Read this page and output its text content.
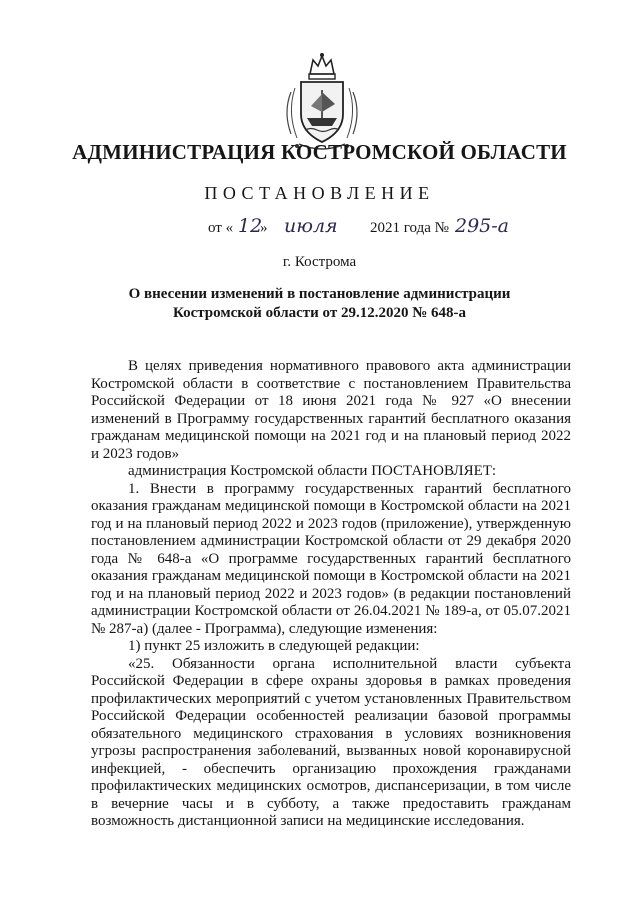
АДМИНИСТРАЦИЯ КОСТРОМСКОЙ ОБЛАСТИ
ПОСТАНОВЛЕНИЕ
от « 12
» июля 2021 года № 295-а
г. Кострома
О внесении изменений в постановление администрации
Костромской области от 29.12.2020 № 648-а

В целях приведения нормативного правового акта администрации Костромской области в соответствие с постановлением Правительства Российской Федерации от 18 июня 2021 года № 927 «О внесении изменений в Программу государственных гарантий бесплатного оказания гражданам медицинской помощи на 2021 год и на плановый период 2022 и 2023 годов»

администрация Костромской области ПОСТАНОВЛЯЕТ:

1. Внести в программу государственных гарантий бесплатного оказания гражданам медицинской помощи в Костромской области на 2021 год и на плановый период 2022 и 2023 годов (приложение), утвержденную постановлением администрации Костромской области от 29 декабря 2020 года № 648-а «О программе государственных гарантий бесплатного оказания гражданам медицинской помощи в Костромской области на 2021 год и на плановый период 2022 и 2023 годов» (в редакции постановлений администрации Костромской области от 26.04.2021 № 189-а, от 05.07.2021 № 287-а) (далее - Программа), следующие изменения:

1) пункт 25 изложить в следующей редакции:

«25. Обязанности органа исполнительной власти субъекта Российской Федерации в сфере охраны здоровья в рамках проведения профилактических мероприятий с учетом установленных Правительством Российской Федерации особенностей реализации базовой программы обязательного медицинского страхования в условиях возникновения угрозы распространения заболеваний, вызванных новой коронавирусной инфекцией, - обеспечить организацию прохождения гражданами профилактических медицинских осмотров, диспансеризации, в том числе в вечерние часы и в субботу, а также предоставить гражданам возможность дистанционной записи на медицинские исследования.
